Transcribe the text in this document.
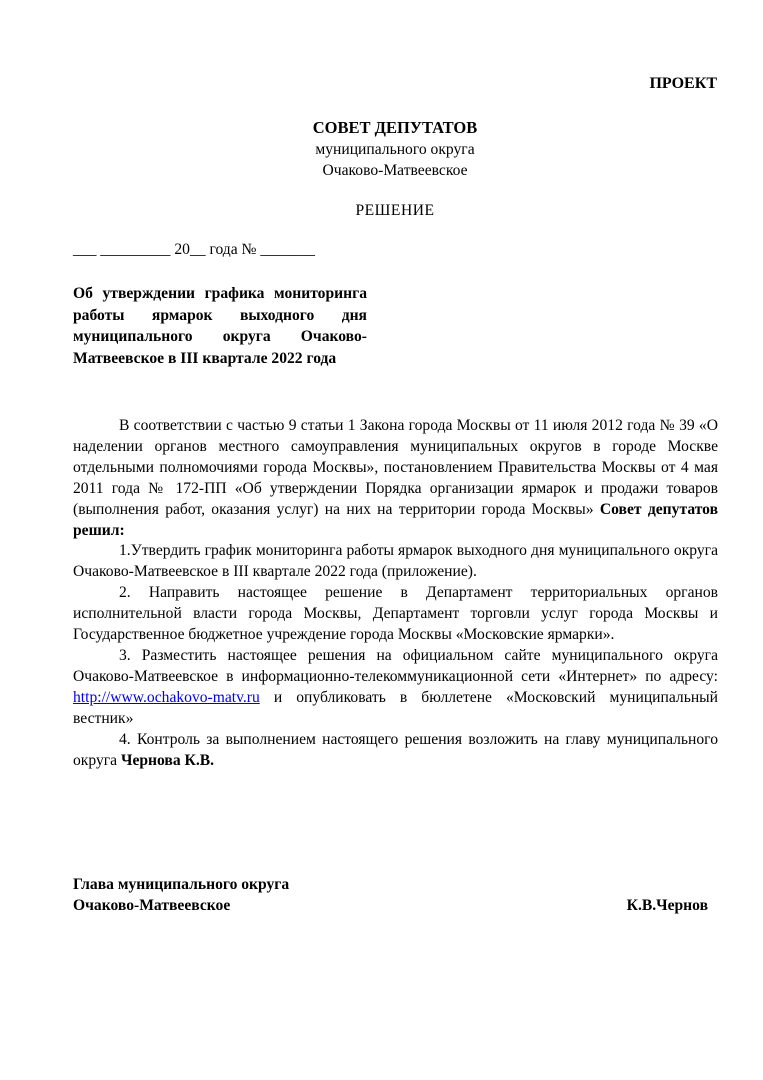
ПРОЕКТ
СОВЕТ ДЕПУТАТОВ
муниципального округа
Очаково-Матвеевское
РЕШЕНИЕ
___ _________ 20__ года № _______
Об утверждении графика мониторинга работы ярмарок выходного дня муниципального округа Очаково-Матвеевское в III квартале 2022 года

В соответствии с частью 9 статьи 1 Закона города Москвы от 11 июля 2012 года № 39 «О наделении органов местного самоуправления муниципальных округов в городе Москве отдельными полномочиями города Москвы», постановлением Правительства Москвы от 4 мая 2011 года № 172-ПП «Об утверждении Порядка организации ярмарок и продажи товаров (выполнения работ, оказания услуг) на них на территории города Москвы» Совет депутатов решил:

1.Утвердить график мониторинга работы ярмарок выходного дня муниципального округа Очаково-Матвеевское в III квартале 2022 года (приложение).

2. Направить настоящее решение в Департамент территориальных органов исполнительной власти города Москвы, Департамент торговли услуг города Москвы и Государственное бюджетное учреждение города Москвы «Московские ярмарки».

3. Разместить настоящее решения на официальном сайте муниципального округа Очаково-Матвеевское в информационно-телекоммуникационной сети «Интернет» по адресу: http://www.ochakovo-matv.ru и опубликовать в бюллетене «Московский муниципальный вестник»

4. Контроль за выполнением настоящего решения возложить на главу муниципального округа Чернова К.В.

Глава муниципального округа
Очаково-Матвеевское	К.В.Чернов
